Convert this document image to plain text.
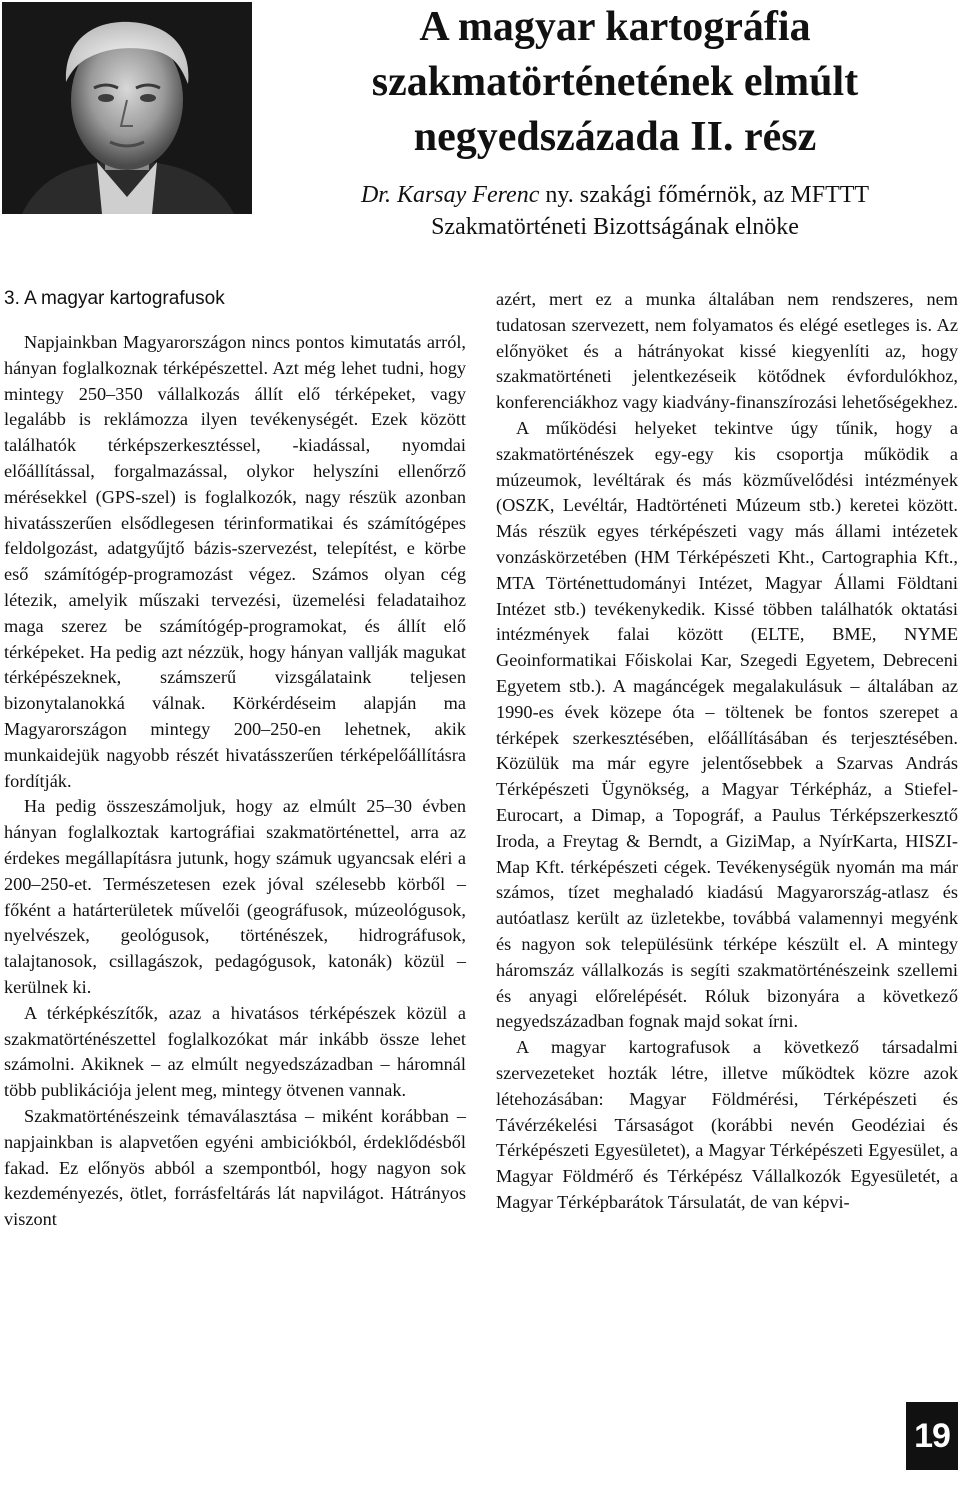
A magyar kartográfia
szakmatörténetének elmúlt
negyedszázada II. rész
Dr. Karsay Ferenc ny. szakági főmérnök, az MFTTT
Szakmatörténeti Bizottságának elnöke
3. A magyar kartografusok

Napjainkban Magyarországon nincs pontos kimutatás arról, hányan foglalkoznak térképészettel. Azt még lehet tudni, hogy mintegy 250–350 vállalkozás állít elő térképeket, vagy legalább is reklámozza ilyen tevékenységét. Ezek között találhatók térképszerkesztéssel, -kiadással, nyomdai előállítással, forgalmazással, olykor helyszíni ellenőrző mérésekkel (GPS-szel) is foglalkozók, nagy részük azonban hivatásszerűen elsődlegesen térinformatikai és számítógépes feldolgozást, adatgyűjtő bázis-szervezést, telepítést, e körbe eső számítógép-programozást végez. Számos olyan cég létezik, amelyik műszaki tervezési, üzemelési feladataihoz maga szerez be számítógép-programokat, és állít elő térképeket. Ha pedig azt nézzük, hogy hányan vallják magukat térképészeknek, számszerű vizsgálataink teljesen bizonytalanokká válnak. Körkérdéseim alapján ma Magyarországon mintegy 200–250-en lehetnek, akik munkaidejük nagyobb részét hivatásszerűen térképelőállításra fordítják.

Ha pedig összeszámoljuk, hogy az elmúlt 25–30 évben hányan foglalkoztak kartográfiai szakmatörténettel, arra az érdekes megállapításra jutunk, hogy számuk ugyancsak eléri a 200–250-et. Természetesen ezek jóval szélesebb körből – főként a határterületek művelői (geográfusok, múzeológusok, nyelvészek, geológusok, történészek, hidrográfusok, talajtanosok, csillagászok, pedagógusok, katonák) közül – kerülnek ki.

A térképkészítők, azaz a hivatásos térképészek közül a szakmatörténészettel foglalkozókat már inkább össze lehet számolni. Akiknek – az elmúlt negyedszázadban – háromnál több publikációja jelent meg, mintegy ötvenen vannak.

Szakmatörténészeink témaválasztása – miként korábban – napjainkban is alapvetően egyéni ambiciókból, érdeklődésből fakad. Ez előnyös abból a szempontból, hogy nagyon sok kezdeményezés, ötlet, forrásfeltárás lát napvilágot. Hátrányos viszont

azért, mert ez a munka általában nem rendszeres, nem tudatosan szervezett, nem folyamatos és elégé esetleges is. Az előnyöket és a hátrányokat kissé kiegyenlíti az, hogy szakmatörténeti jelentkezéseik kötődnek évfordulókhoz, konferenciákhoz vagy kiadvány-finanszírozási lehetőségekhez.

A működési helyeket tekintve úgy tűnik, hogy a szakmatörténészek egy-egy kis csoportja működik a múzeumok, levéltárak és más közművelődési intézmények (OSZK, Levéltár, Hadtörténeti Múzeum stb.) keretei között. Más részük egyes térképészeti vagy más állami intézetek vonzáskörzetében (HM Térképészeti Kht., Cartographia Kft., MTA Történettudományi Intézet, Magyar Állami Földtani Intézet stb.) tevékenykedik. Kissé többen találhatók oktatási intézmények falai között (ELTE, BME, NYME Geoinformatikai Főiskolai Kar, Szegedi Egyetem, Debreceni Egyetem stb.). A magáncégek megalakulásuk – általában az 1990-es évek közepe óta – töltenek be fontos szerepet a térképek szerkesztésében, előállításában és terjesztésében. Közülük ma már egyre jelentősebbek a Szarvas András Térképészeti Ügynökség, a Magyar Térképház, a Stiefel-Eurocart, a Dimap, a Topográf, a Paulus Térképszerkesztő Iroda, a Freytag & Berndt, a GiziMap, a NyírKarta, HISZI-Map Kft. térképészeti cégek. Tevékenységük nyomán ma már számos, tízet meghaladó kiadású Magyarország-atlasz és autóatlasz került az üzletekbe, továbbá valamennyi megyénk és nagyon sok településünk térképe készült el. A mintegy háromszáz vállalkozás is segíti szakmatörténészeink szellemi és anyagi előrelépését. Róluk bizonyára a következő negyedszázadban fognak majd sokat írni.

A magyar kartografusok a következő társadalmi szervezeteket hozták létre, illetve működtek közre azok létehozásában: Magyar Földmérési, Térképészeti és Távérzékelési Társaságot (korábbi nevén Geodéziai és Térképészeti Egyesületet), a Magyar Térképészeti Egyesület, a Magyar Földmérő és Térképész Vállalkozók Egyesületét, a Magyar Térképbarátok Társulatát, de van képvi-

19
